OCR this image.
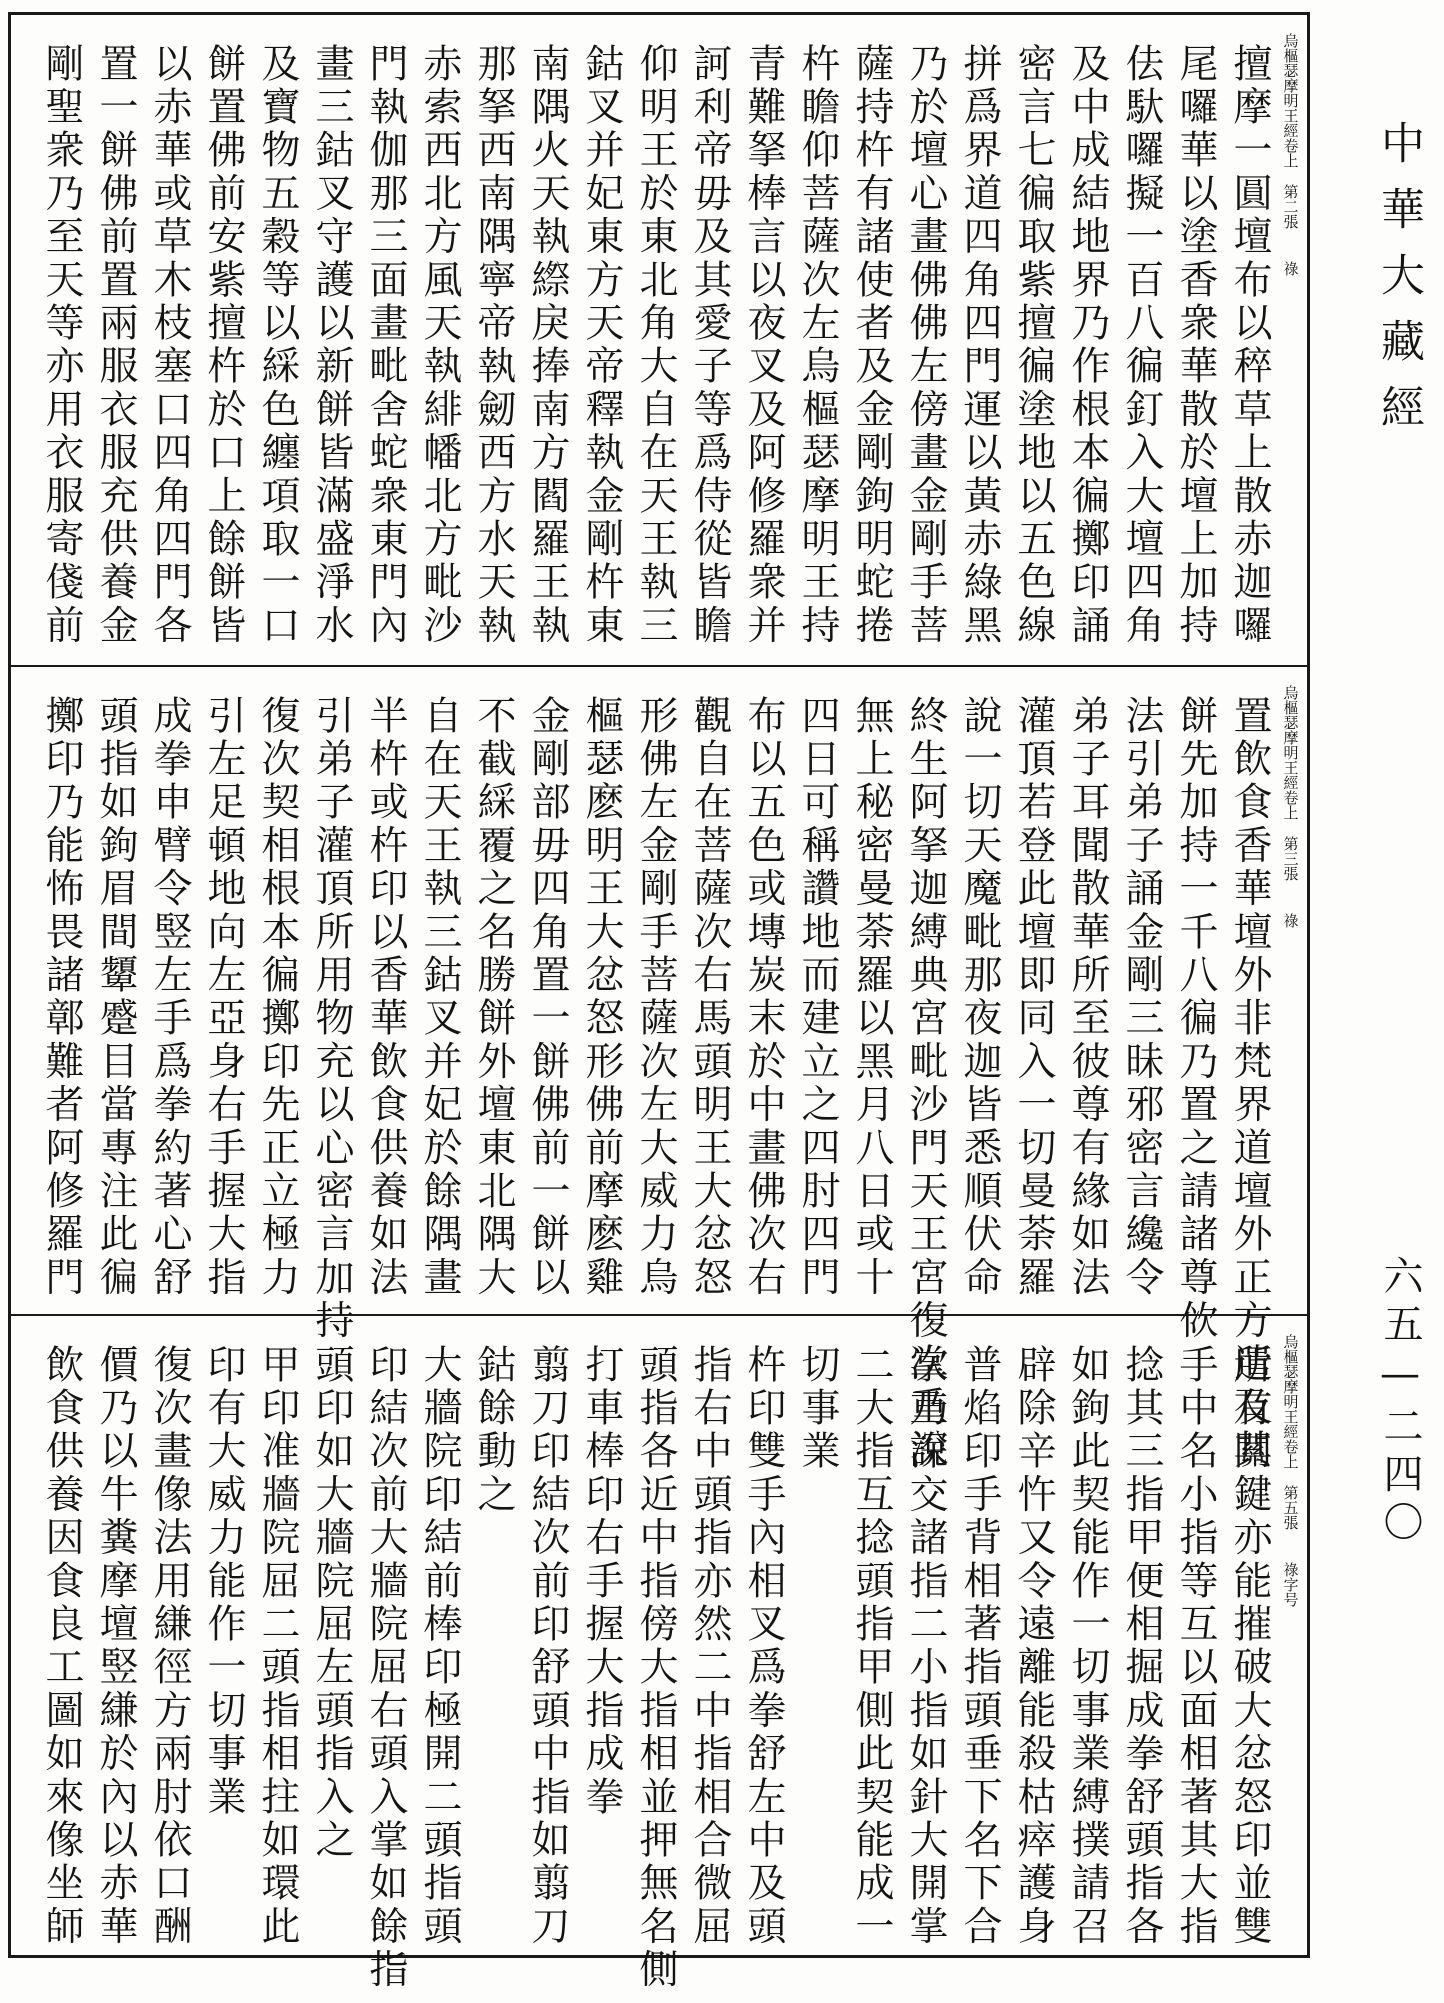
中華大藏經
六五—二四〇
烏樞瑟摩明王經卷上
第二張
祿
擅摩一圓壇布以稡草上散赤迦囉
尾囉華以塗香衆華散於壇上加持
佉馱囉擬一百八徧釘入大壇四角
及中成結地界乃作根本徧擲印誦
密言七徧取紫擅徧塗地以五色線
拼爲界道四角四門運以黃赤綠黑
乃於壇心畫佛佛左傍畫金剛手菩
薩持杵有諸使者及金剛鉤明蛇捲
杵瞻仰菩薩次左烏樞瑟摩明王持
青難拏棒言以夜叉及阿修羅衆并
訶利帝毋及其愛子等爲侍從皆瞻
仰明王於東北角大自在天王執三
鈷叉并妃東方天帝釋執金剛杵東
南隅火天執縩戾捧南方閻羅王執
那拏西南隅寧帝執劒西方水天執
赤索西北方風天執緋幡北方毗沙
門執伽那三面畫毗舍蛇衆東門內
畫三鈷叉守護以新餅皆滿盛淨水
及寶物五穀等以綵色纏項取一口
餅置佛前安紫擅杵於口上餘餅皆
以赤華或草木枝塞口四角四門各
置一餅佛前置兩服衣服充供養金
剛聖衆乃至天等亦用衣服寄俴前
烏樞瑟摩明王經卷上
第三張
祿
置飲食香華壇外非梵界道壇外正方遣及其
餅先加持一千八徧乃置之請諸尊佽
法引弟子誦金剛三昧邪密言纔令
弟子耳聞散華所至彼尊有緣如法
灌頂若登此壇即同入一切曼荼羅
說一切天魔毗那夜迦皆悉順伏命
終生阿拏迦縛典宮毗沙門天王宮復次重說
無上秘密曼荼羅以黑月八日或十
四日可稱讚地而建立之四肘四門
布以五色或塼炭末於中畫佛次右
觀自在菩薩次右馬頭明王大忿怒
形佛左金剛手菩薩次左大威力烏
樞瑟麽明王大忿怒形佛前摩麽雞
金剛部毋四角置一餅佛前一餅以
不截綵覆之名勝餅外壇東北隅大
自在天王執三鈷叉并妃於餘隅畫
半杵或杵印以香華飲食供養如法
引弟子灌頂所用物充以心密言加持
復次契相根本徧擲印先正立極力
引左足頓地向左亞身右手握大指
成拳申臂令竪左手爲拳約著心舒
頭指如鉤眉間顰蹙目當專注此徧
擲印乃能怖畏諸鄣難者阿修羅門
烏樞瑟摩明王經卷上
第五張
祿字号
所有關鍵亦能摧破大忿怒印並雙
手中名小指等互以面相著其大指
捻其三指甲便相掘成拳舒頭指各
如鉤此契能作一切事業縛撲請召
辟除辛忤又令遠離能殺枯瘁護身
普焰印手背相著指頭垂下名下合
掌乃深交諸指二小指如針大開掌
二大指互捻頭指甲側此契能成一
切事業
杵印雙手內相叉爲拳舒左中及頭
指右中頭指亦然二中指相合微屈
頭指各近中指傍大指相並押無名側
打車棒印右手握大指成拳
翦刀印結次前印舒頭中指如翦刀
鈷餘動之
大牆院印結前棒印極開二頭指頭
印結次前大牆院屈右頭入掌如餘指
頭印如大牆院屈左頭指入之
甲印准牆院屈二頭指相拄如環此
印有大威力能作一切事業
復次畫像法用縑徑方兩肘依口酬
價乃以牛糞摩壇竪縑於內以赤華
飲食供養因食良工圖如來像坐師
